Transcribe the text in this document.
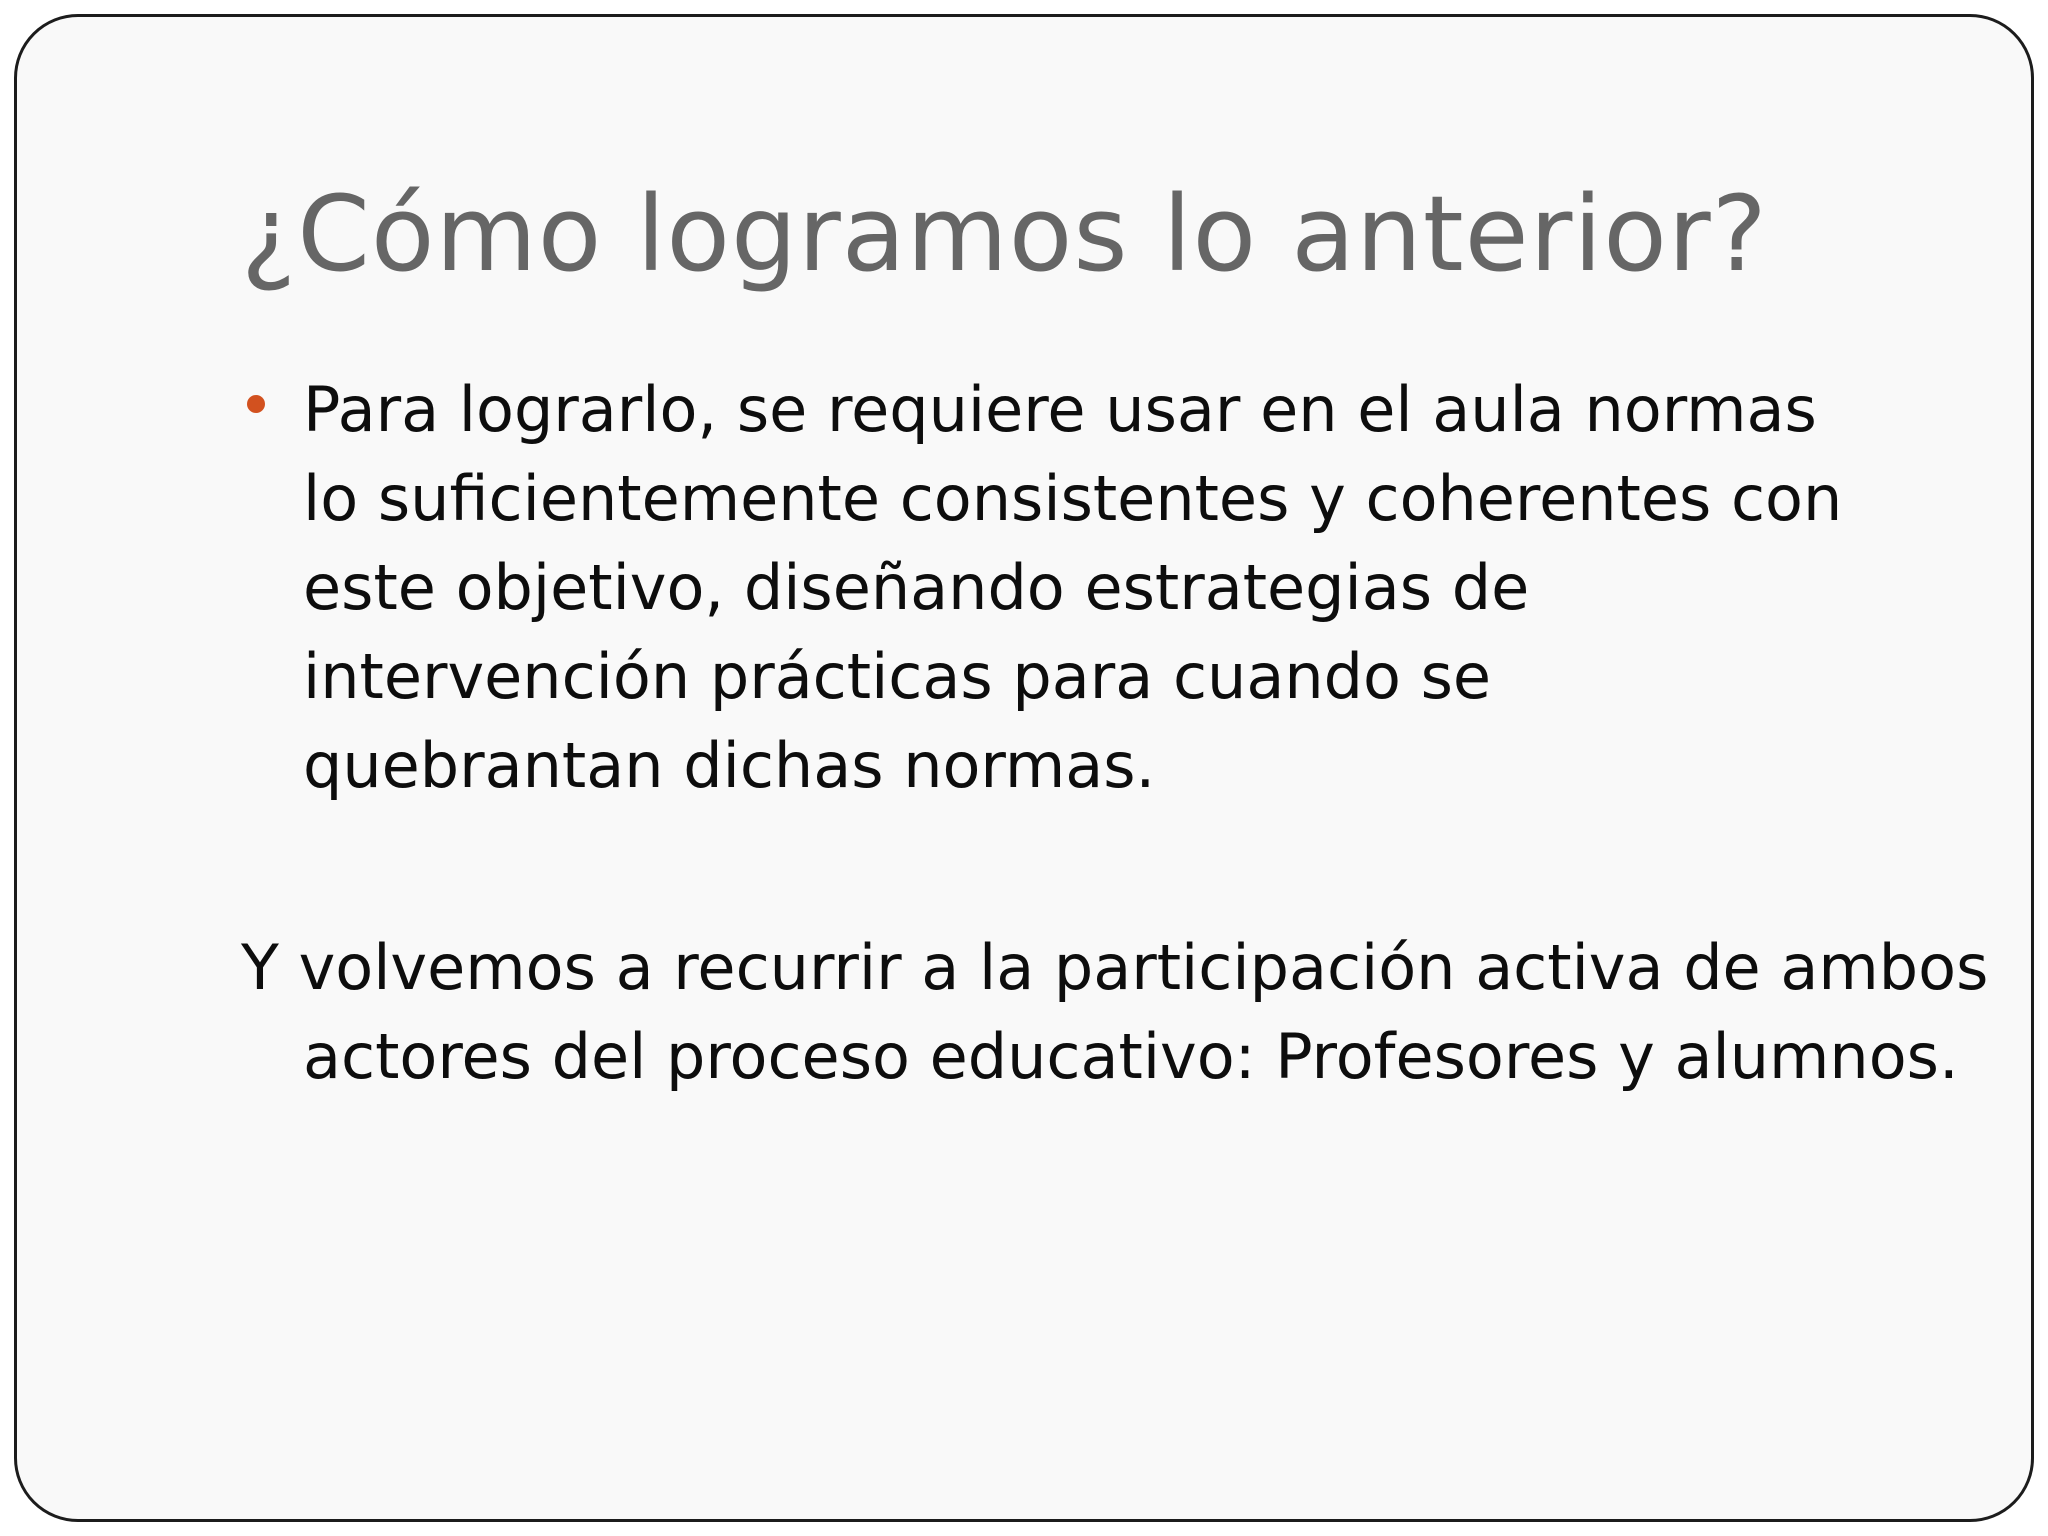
¿Cómo logramos lo anterior?

Para lograrlo, se requiere usar en el aula normas lo suficientemente consistentes y coherentes con este objetivo, diseñando estrategias de intervención prácticas para cuando se quebrantan dichas normas.

Y volvemos a recurrir a la participación activa de ambos actores del proceso educativo: Profesores y alumnos.
